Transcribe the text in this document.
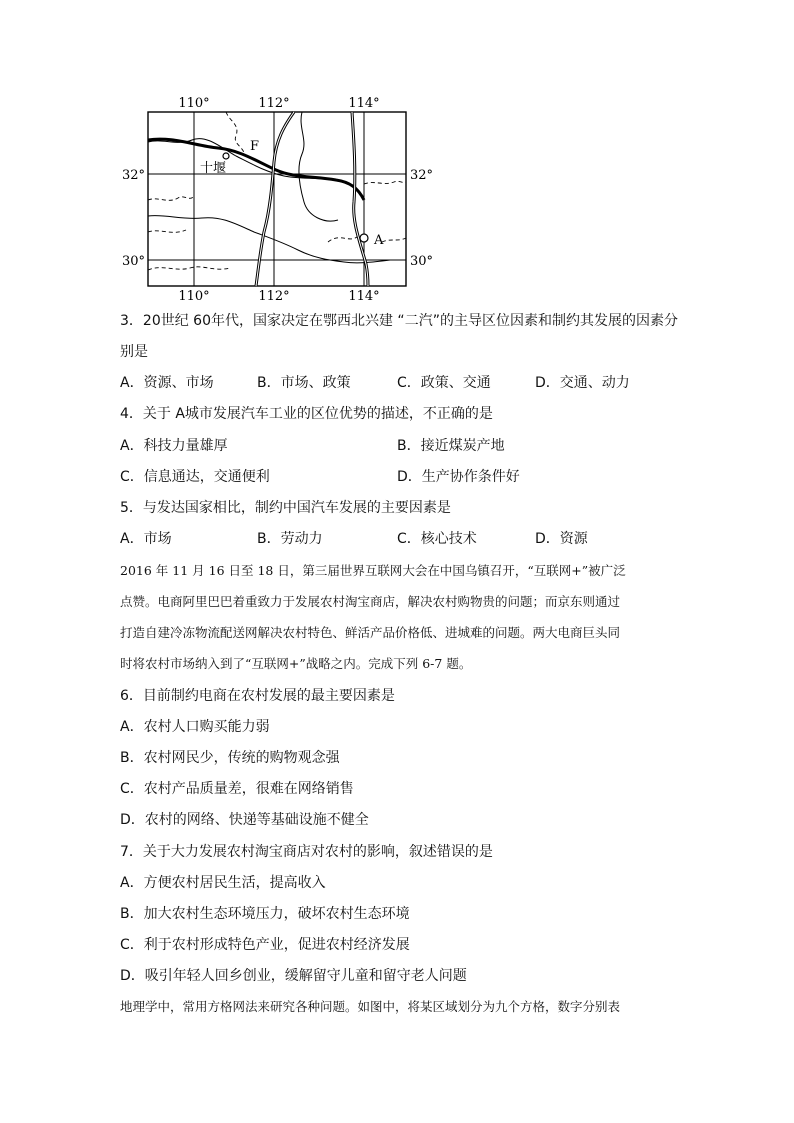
110°	112°	114°
110°	112°	114°
32°
30°
32°
30°
F
A
十堰
3．20世纪 60年代，国家决定在鄂西北兴建 “二汽”的主导区位因素和制约其发展的因素分
别是
A．资源、市场	B．市场、政策	C．政策、交通	D．交通、动力
4．关于 A城市发展汽车工业的区位优势的描述，不正确的是
A．科技力量雄厚	B．接近煤炭产地
C．信息通达，交通便利	D．生产协作条件好
5．与发达国家相比，制约中国汽车发展的主要因素是
A．市场	B．劳动力	C．核心技术	D．资源
2016 年 11 月 16 日至 18 日，第三届世界互联网大会在中国乌镇召开，“互联网+”被广泛
点赞。电商阿里巴巴着重致力于发展农村淘宝商店，解决农村购物贵的问题；而京东则通过
打造自建冷冻物流配送网解决农村特色、鲜活产品价格低、进城难的问题。两大电商巨头同
时将农村市场纳入到了“互联网+”战略之内。完成下列 6-7 题。
6．目前制约电商在农村发展的最主要因素是
A．农村人口购买能力弱
B．农村网民少，传统的购物观念强
C．农村产品质量差，很难在网络销售
D．农村的网络、快递等基础设施不健全
7．关于大力发展农村淘宝商店对农村的影响，叙述错误的是
A．方便农村居民生活，提高收入
B．加大农村生态环境压力，破坏农村生态环境
C．利于农村形成特色产业，促进农村经济发展
D．吸引年轻人回乡创业，缓解留守儿童和留守老人问题
地理学中，常用方格网法来研究各种问题。如图中，将某区域划分为九个方格，数字分别表
